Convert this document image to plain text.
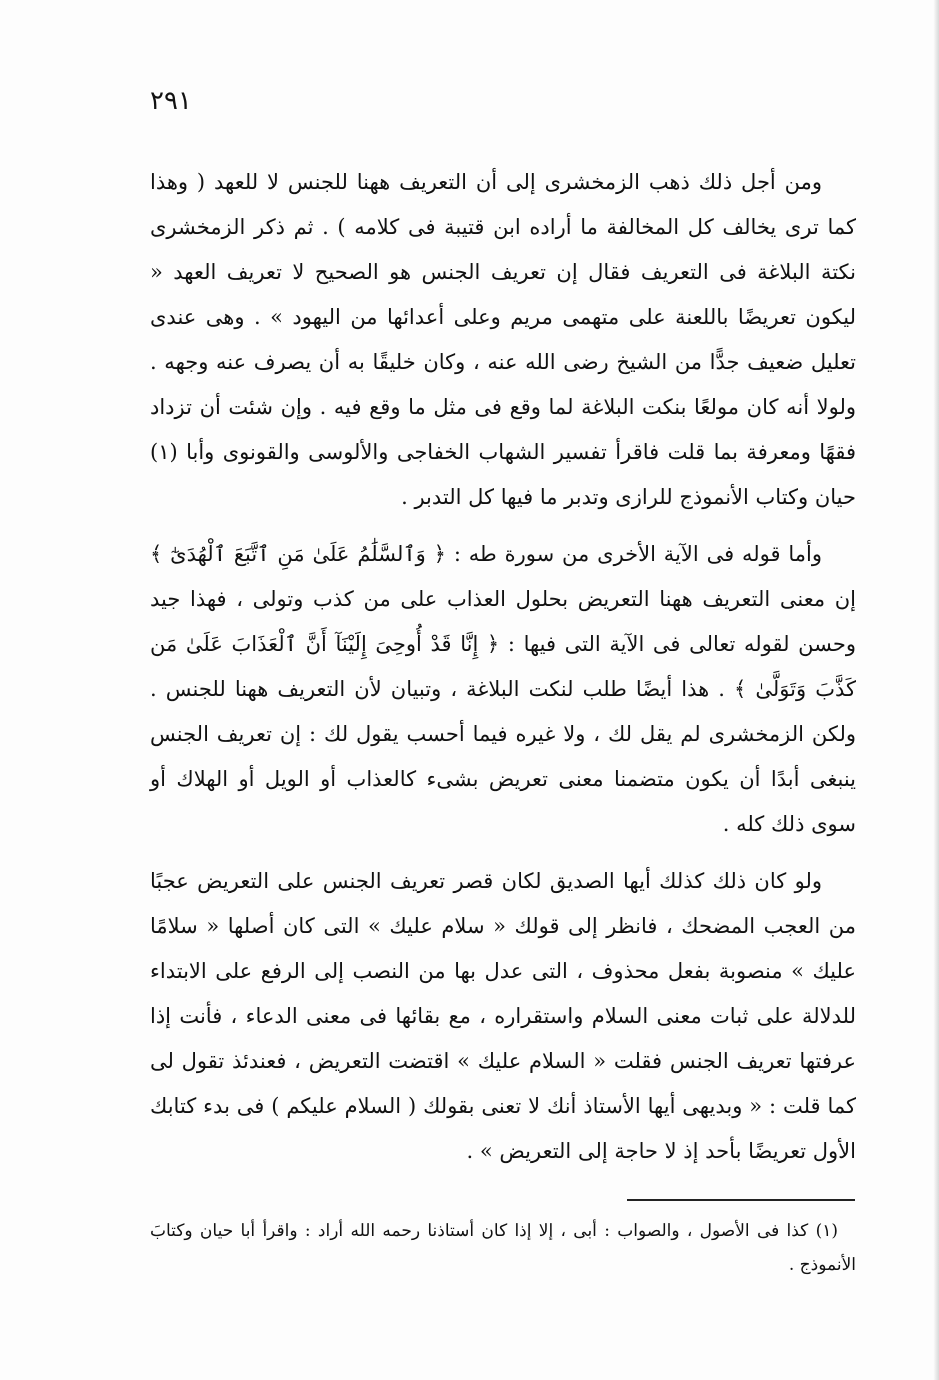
٢٩١

ومن أجل ذلك ذهب الزمخشرى إلى أن التعريف ههنا للجنس لا للعهد ( وهذا كما ترى يخالف كل المخالفة ما أراده ابن قتيبة فى كلامه ) . ثم ذكر الزمخشرى نكتة البلاغة فى التعريف فقال إن تعريف الجنس هو الصحيح لا تعريف العهد « ليكون تعريضًا باللعنة على متهمى مريم وعلى أعدائها من اليهود » . وهى عندى تعليل ضعيف جدًّا من الشيخ رضى الله عنه ، وكان خليقًا به أن يصرف عنه وجهه . ولولا أنه كان مولعًا بنكت البلاغة لما وقع فى مثل ما وقع فيه . وإن شئت أن تزداد فقهًا ومعرفة بما قلت فاقرأ تفسير الشهاب الخفاجى والألوسى والقونوى وأبا (١) حيان وكتاب الأنموذج للرازى وتدبر ما فيها كل التدبر .

وأما قوله فى الآية الأخرى من سورة طه : ﴿ وَٱلسَّلَٰمُ عَلَىٰ مَنِ ٱتَّبَعَ ٱلْهُدَىٰٓ ﴾ إن معنى التعريف ههنا التعريض بحلول العذاب على من كذب وتولى ، فهذا جيد وحسن لقوله تعالى فى الآية التى فيها : ﴿ إِنَّا قَدْ أُوحِىَ إِلَيْنَآ أَنَّ ٱلْعَذَابَ عَلَىٰ مَن كَذَّبَ وَتَوَلَّىٰ ﴾ . هذا أيضًا طلب لنكت البلاغة ، وتبيان لأن التعريف ههنا للجنس . ولكن الزمخشرى لم يقل لك ، ولا غيره فيما أحسب يقول لك : إن تعريف الجنس ينبغى أبدًا أن يكون متضمنا معنى تعريض بشىء كالعذاب أو الويل أو الهلاك أو سوى ذلك كله .

ولو كان ذلك كذلك أيها الصديق لكان قصر تعريف الجنس على التعريض عجبًا من العجب المضحك ، فانظر إلى قولك « سلام عليك » التى كان أصلها « سلامًا عليك » منصوبة بفعل محذوف ، التى عدل بها من النصب إلى الرفع على الابتداء للدلالة على ثبات معنى السلام واستقراره ، مع بقائها فى معنى الدعاء ، فأنت إذا عرفتها تعريف الجنس فقلت « السلام عليك » اقتضت التعريض ، فعندئذ تقول لى كما قلت : « وبديهى أيها الأستاذ أنك لا تعنى بقولك ( السلام عليكم ) فى بدء كتابك الأول تعريضًا بأحد إذ لا حاجة إلى التعريض » .

(١) كذا فى الأصول ، والصواب : أبى ، إلا إذا كان أستاذنا رحمه الله أراد : واقرأ أبا حيان وكتابَ الأنموذج .
